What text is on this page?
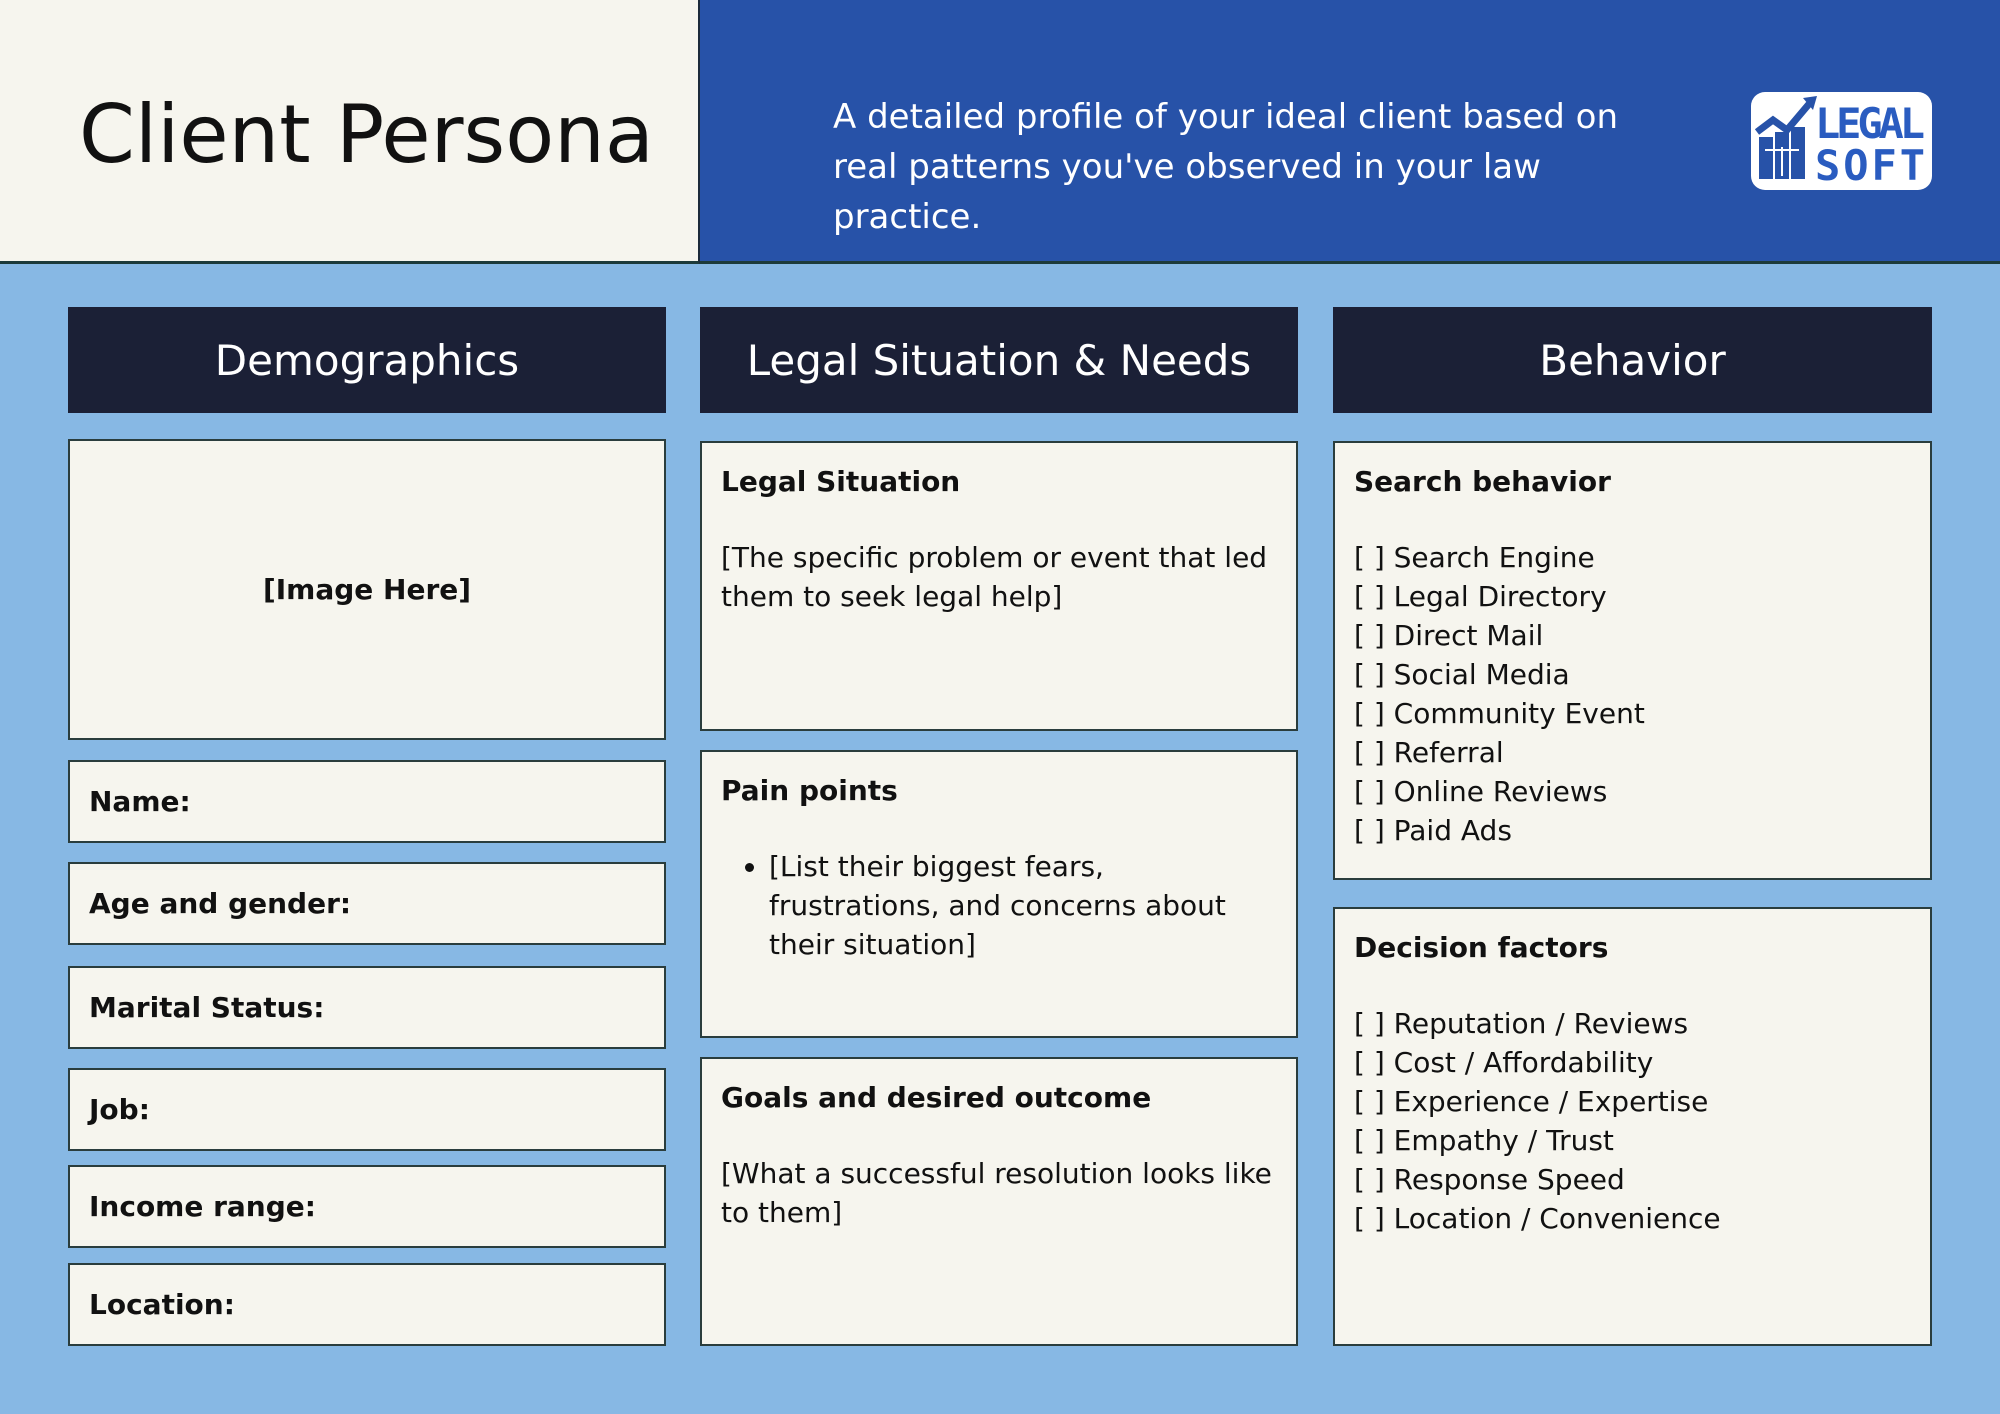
Client Persona	A detailed profile of your ideal client based on real patterns you've observed in your law practice.
LEGAL
SOFT
Demographics	Legal Situation & Needs	Behavior
[Image Here]
Name:
Age and gender:
Marital Status:
Job:
Income range:
Location:
Legal Situation

[The specific problem or event that led them to seek legal help]

Pain points
• [List their biggest fears, frustrations, and concerns about their situation]
Goals and desired outcome

[What a successful resolution looks like to them]

Search behavior

[ ] Search Engine

[ ] Legal Directory

[ ] Direct Mail

[ ] Social Media

[ ] Community Event

[ ] Referral

[ ] Online Reviews

[ ] Paid Ads

Decision factors

[ ] Reputation / Reviews

[ ] Cost / Affordability

[ ] Experience / Expertise

[ ] Empathy / Trust

[ ] Response Speed

[ ] Location / Convenience
